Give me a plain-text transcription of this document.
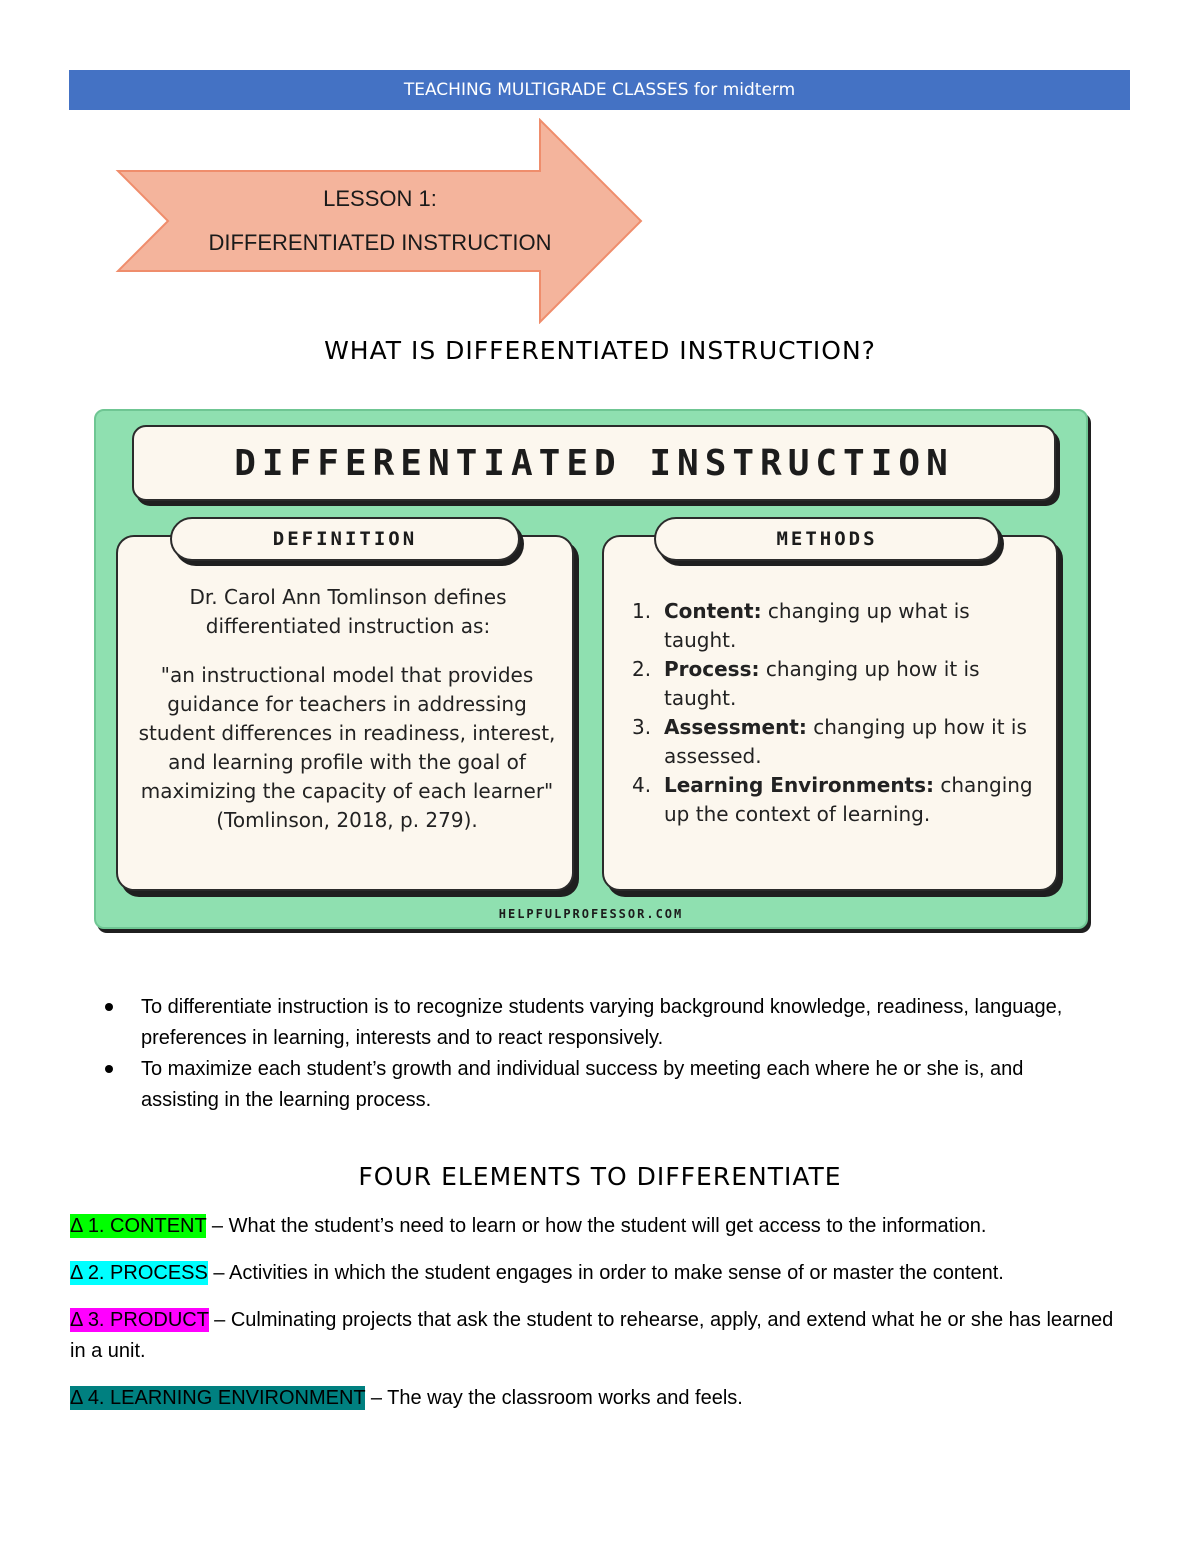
TEACHING MULTIGRADE CLASSES for midterm
LESSON 1:
DIFFERENTIATED INSTRUCTION
WHAT IS DIFFERENTIATED INSTRUCTION?
DIFFERENTIATED INSTRUCTION
DEFINITION
Dr. Carol Ann Tomlinson defines differentiated instruction as:
"an instructional model that provides guidance for teachers in addressing student differences in readiness, interest, and learning profile with the goal of maximizing the capacity of each learner" (Tomlinson, 2018, p. 279).
METHODS
1. Content: changing up what is taught.
2. Process: changing up how it is taught.
3. Assessment: changing up how it is assessed.
4. Learning Environments: changing up the context of learning.
HELPFULPROFESSOR.COM
To differentiate instruction is to recognize students varying background knowledge, readiness, language, preferences in learning, interests and to react responsively.
To maximize each student’s growth and individual success by meeting each where he or she is, and assisting in the learning process.
FOUR ELEMENTS TO DIFFERENTIATE
Δ 1. CONTENT – What the student’s need to learn or how the student will get access to the information.
Δ 2. PROCESS – Activities in which the student engages in order to make sense of or master the content.
Δ 3. PRODUCT – Culminating projects that ask the student to rehearse, apply, and extend what he or she has learned in a unit.
Δ 4. LEARNING ENVIRONMENT – The way the classroom works and feels.
